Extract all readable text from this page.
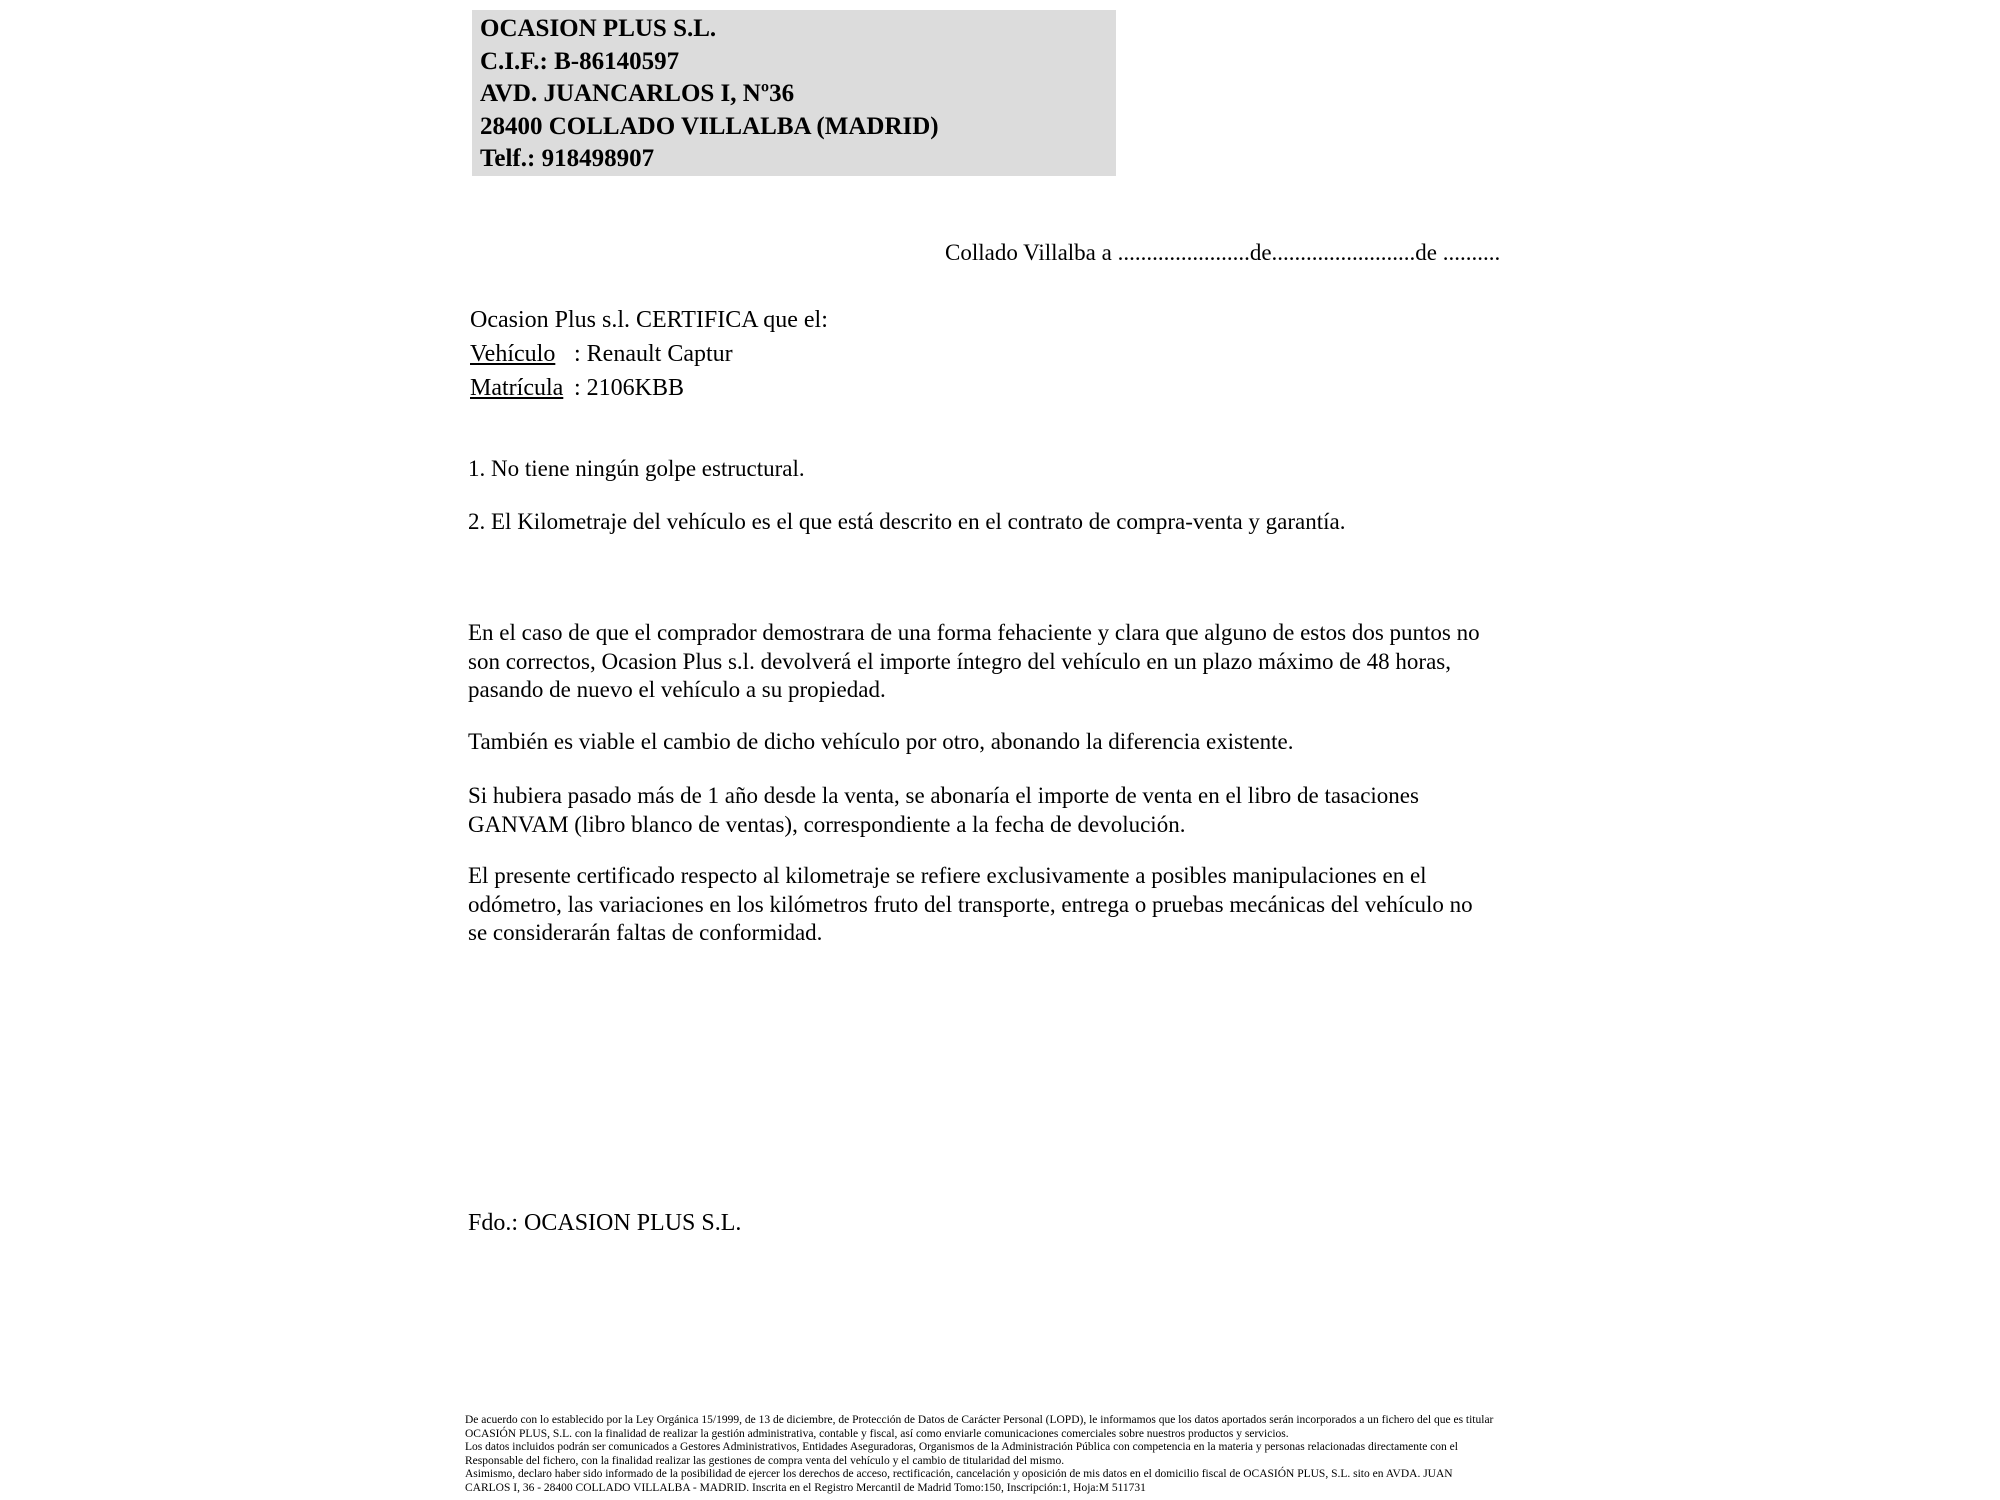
OCASION PLUS S.L.
C.I.F.: B-86140597
AVD. JUANCARLOS I, Nº36
28400 COLLADO VILLALBA (MADRID)
Telf.: 918498907
Collado Villalba a .......................de.........................de ..........
Ocasion Plus s.l. CERTIFICA que el:
Vehículo : Renault Captur
Matrícula : 2106KBB
1. No tiene ningún golpe estructural.
2. El Kilometraje del vehículo es el que está descrito en el contrato de compra-venta y garantía.
En el caso de que el comprador demostrara de una forma fehaciente y clara que alguno de estos dos puntos no
son correctos, Ocasion Plus s.l. devolverá el importe íntegro del vehículo en un plazo máximo de 48 horas,
pasando de nuevo el vehículo a su propiedad.
También es viable el cambio de dicho vehículo por otro, abonando la diferencia existente.
Si hubiera pasado más de 1 año desde la venta, se abonaría el importe de venta en el libro de tasaciones
GANVAM (libro blanco de ventas), correspondiente a la fecha de devolución.
El presente certificado respecto al kilometraje se refiere exclusivamente a posibles manipulaciones en el
odómetro, las variaciones en los kilómetros fruto del transporte, entrega o pruebas mecánicas del vehículo no
se considerarán faltas de conformidad.
Fdo.: OCASION PLUS S.L.
De acuerdo con lo establecido por la Ley Orgánica 15/1999, de 13 de diciembre, de Protección de Datos de Carácter Personal (LOPD), le informamos que los datos aportados serán incorporados a un fichero del que es titular
OCASIÓN PLUS, S.L. con la finalidad de realizar la gestión administrativa, contable y fiscal, así como enviarle comunicaciones comerciales sobre nuestros productos y servicios.
Los datos incluidos podrán ser comunicados a Gestores Administrativos, Entidades Aseguradoras, Organismos de la Administración Pública con competencia en la materia y personas relacionadas directamente con el
Responsable del fichero, con la finalidad realizar las gestiones de compra venta del vehículo y el cambio de titularidad del mismo.
Asimismo, declaro haber sido informado de la posibilidad de ejercer los derechos de acceso, rectificación, cancelación y oposición de mis datos en el domicilio fiscal de OCASIÓN PLUS, S.L. sito en AVDA. JUAN
CARLOS I, 36 - 28400 COLLADO VILLALBA - MADRID. Inscrita en el Registro Mercantil de Madrid Tomo:150, Inscripción:1, Hoja:M 511731
